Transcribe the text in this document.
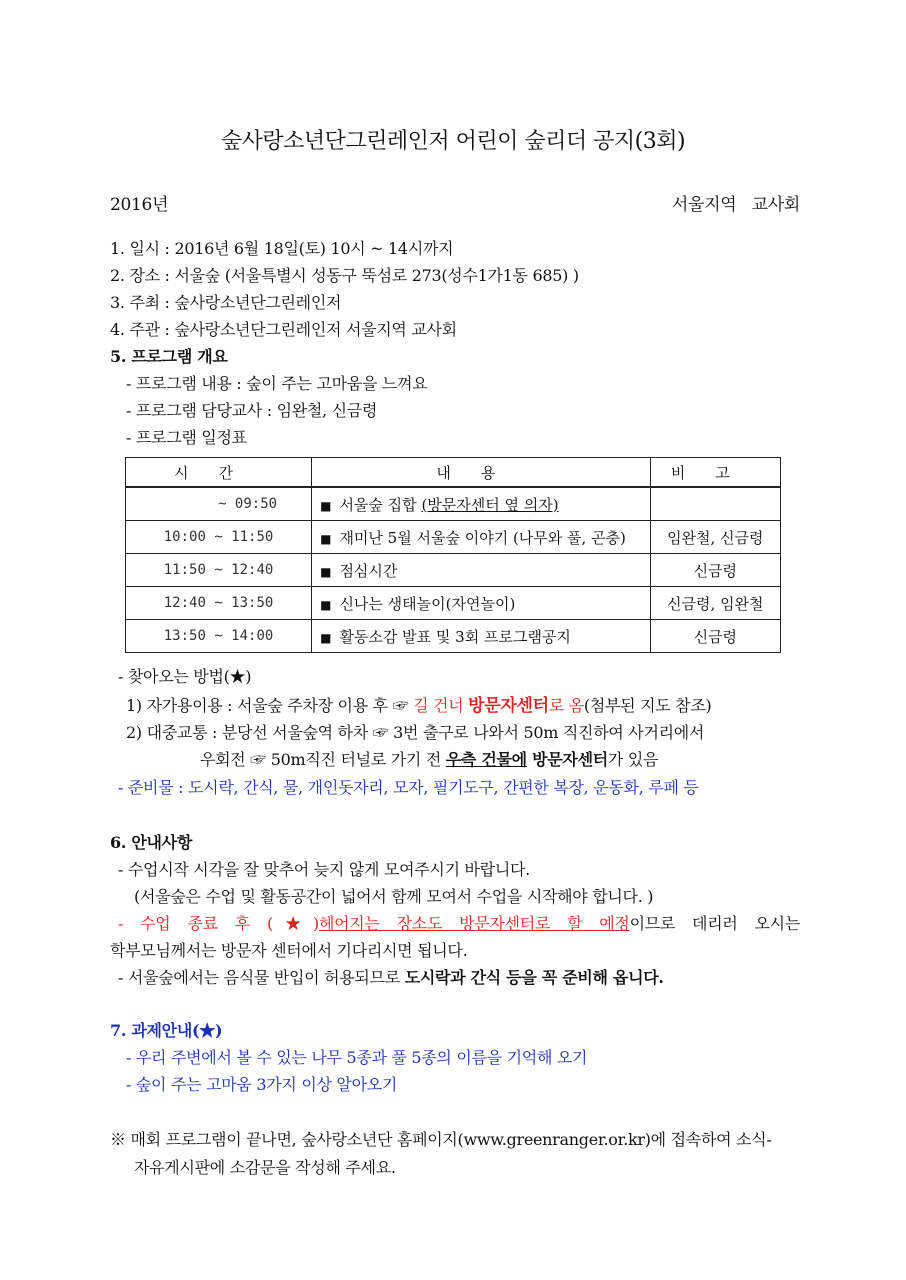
숲사랑소년단그린레인저 어린이 숲리더 공지(3회)
2016년	서울지역   교사회
1. 일시 : 2016년 6월 18일(토) 10시 ~ 14시까지
2. 장소 : 서울숲 (서울특별시 성동구 뚝섬로 273(성수1가1동 685) )
3. 주최 : 숲사랑소년단그린레인저
4. 주관 : 숲사랑소년단그린레인저 서울지역 교사회
5. 프로그램 개요
- 프로그램 내용 : 숲이 주는 고마움을 느껴요
- 프로그램 담당교사 : 임완철, 신금령
- 프로그램 일정표
시간	내용	비고
~ 09:50	■ 서울숲 집합 (방문자센터 옆 의자)	
10:00 ~ 11:50	■ 재미난 5월 서울숲 이야기 (나무와 풀, 곤충)	임완철, 신금령
11:50 ~ 12:40	■ 점심시간	신금령
12:40 ~ 13:50	■ 신나는 생태놀이(자연놀이)	신금령, 임완철
13:50 ~ 14:00	■ 활동소감 발표 및 3회 프로그램공지	신금령
- 찾아오는 방법(★)
1) 자가용이용 : 서울숲 주차장 이용 후 ☞ 길 건너 방문자센터로 옴(첨부된 지도 참조)
2) 대중교통 : 분당선 서울숲역 하차 ☞ 3번 출구로 나와서 50m 직진하여 사거리에서
우회전 ☞ 50m직진 터널로 가기 전 우측 건물에 방문자센터가 있음
- 준비물 : 도시락, 간식, 물, 개인돗자리, 모자, 필기도구, 간편한 복장, 운동화, 루페 등
6. 안내사항
- 수업시작 시각을 잘 맞추어 늦지 않게 모여주시기 바랍니다.
(서울숲은 수업 및 활동공간이 넓어서 함께 모여서 수업을 시작해야 합니다. )
- 수업 종료 후 (★)헤어지는 장소도 방문자센터로 할 예정이므로 데리러 오시는
학부모님께서는 방문자 센터에서 기다리시면 됩니다.
- 서울숲에서는 음식물 반입이 허용되므로 도시락과 간식 등을 꼭 준비해 옵니다.
7. 과제안내(★)
- 우리 주변에서 볼 수 있는 나무 5종과 풀 5종의 이름을 기억해 오기
- 숲이 주는 고마움 3가지 이상 알아오기
※ 매회 프로그램이 끝나면, 숲사랑소년단 홈페이지(www.greenranger.or.kr)에 접속하여 소식-
자유게시판에 소감문을 작성해 주세요.
